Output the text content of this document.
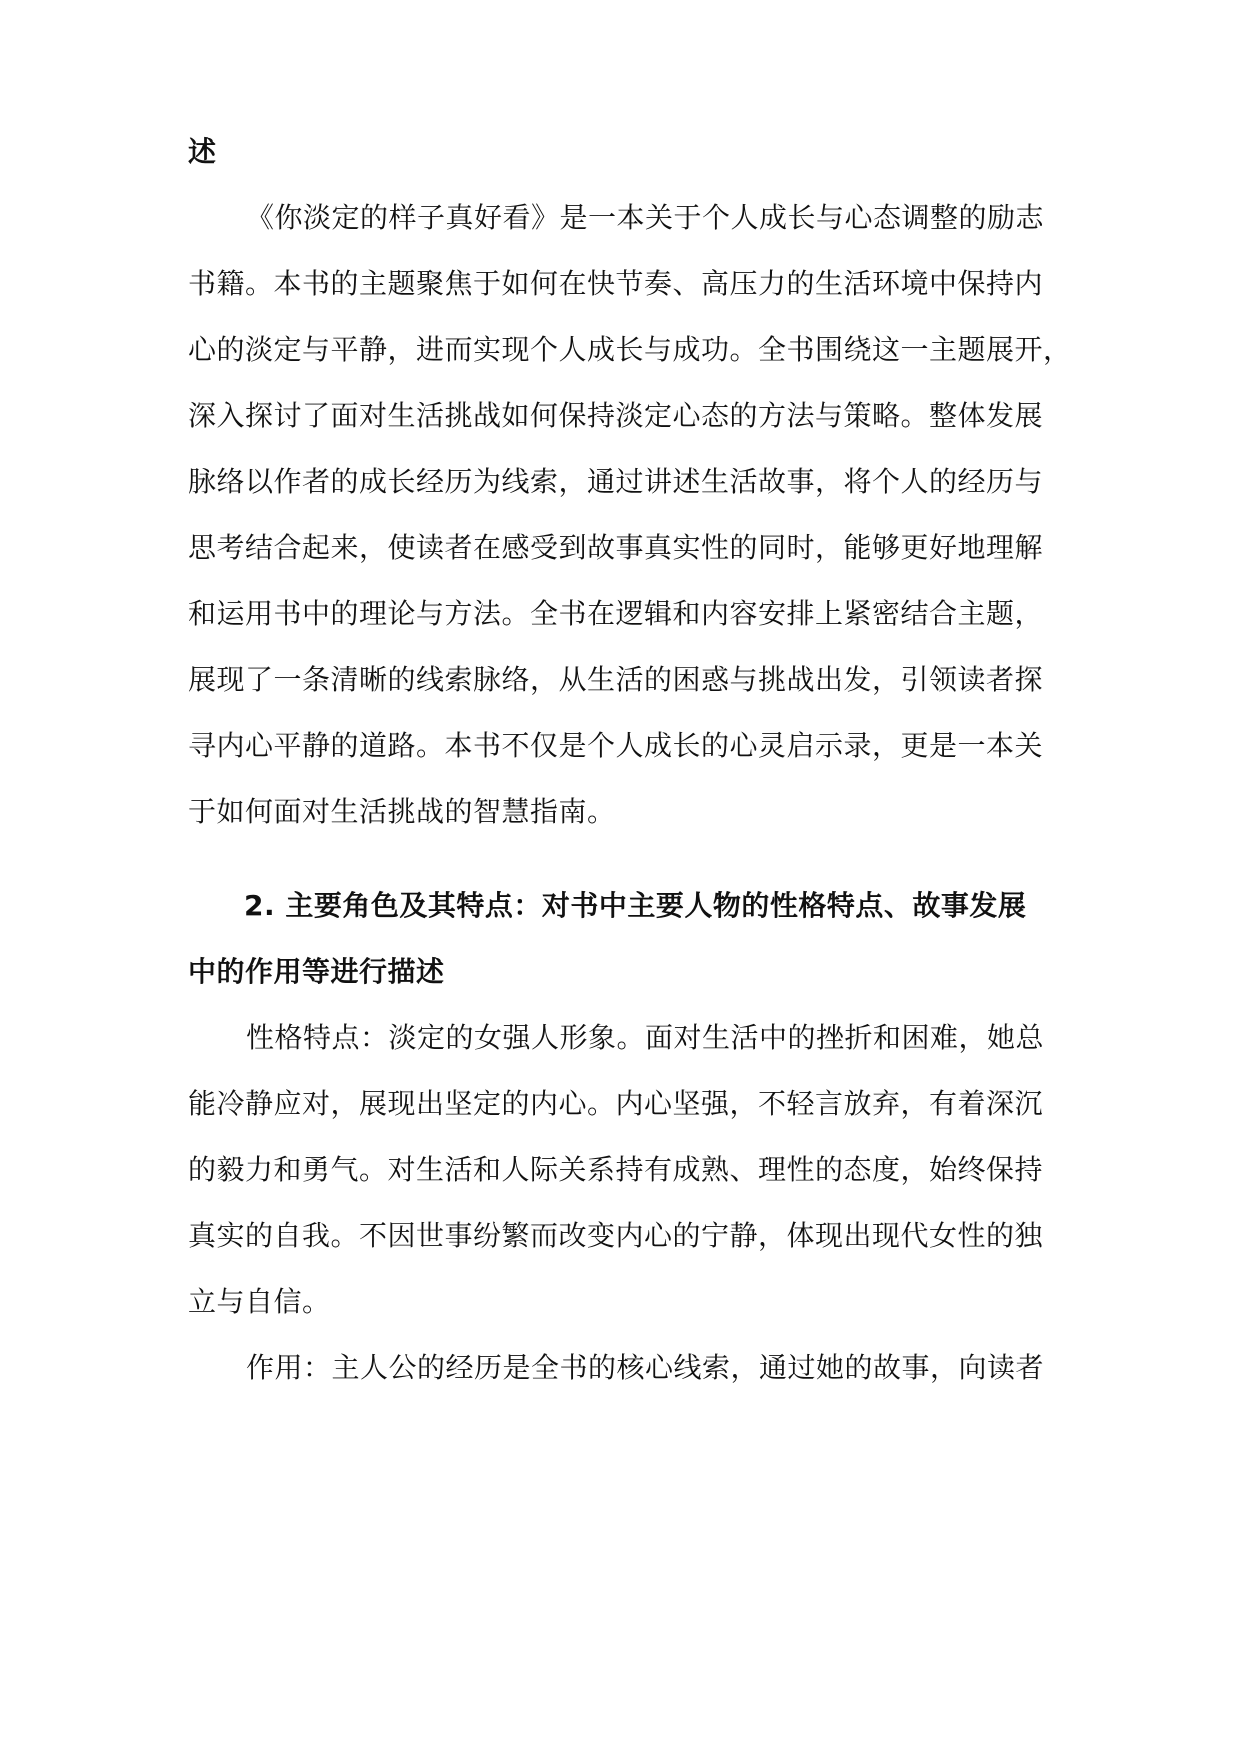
述
《你淡定的样子真好看》是一本关于个人成长与心态调整的励志
书籍。本书的主题聚焦于如何在快节奏、高压力的生活环境中保持内
心的淡定与平静，进而实现个人成长与成功。全书围绕这一主题展开，
深入探讨了面对生活挑战如何保持淡定心态的方法与策略。整体发展
脉络以作者的成长经历为线索，通过讲述生活故事，将个人的经历与
思考结合起来，使读者在感受到故事真实性的同时，能够更好地理解
和运用书中的理论与方法。全书在逻辑和内容安排上紧密结合主题，
展现了一条清晰的线索脉络，从生活的困惑与挑战出发，引领读者探
寻内心平静的道路。本书不仅是个人成长的心灵启示录，更是一本关
于如何面对生活挑战的智慧指南。
2. 主要角色及其特点：对书中主要人物的性格特点、故事发展
中的作用等进行描述
性格特点：淡定的女强人形象。面对生活中的挫折和困难，她总
能冷静应对，展现出坚定的内心。内心坚强，不轻言放弃，有着深沉
的毅力和勇气。对生活和人际关系持有成熟、理性的态度，始终保持
真实的自我。不因世事纷繁而改变内心的宁静，体现出现代女性的独
立与自信。
作用：主人公的经历是全书的核心线索，通过她的故事，向读者
